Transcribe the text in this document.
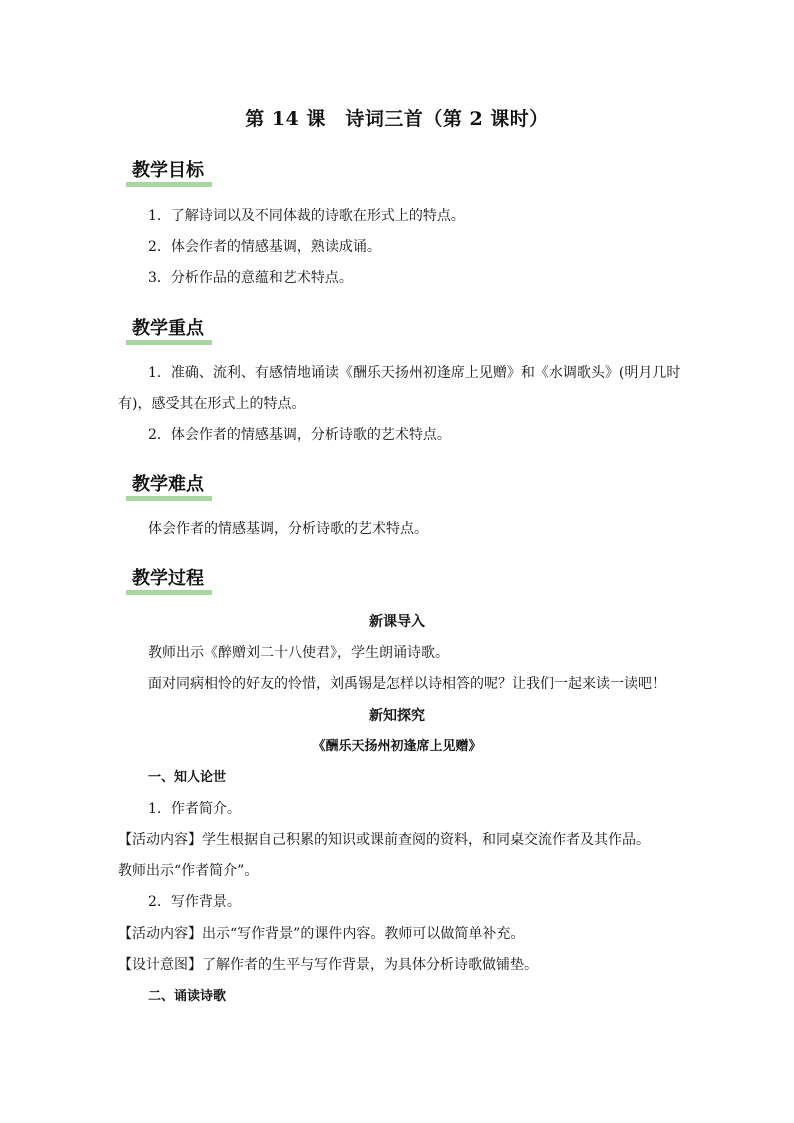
第 14 课　诗词三首（第 2 课时）
教学目标
1．了解诗词以及不同体裁的诗歌在形式上的特点。
2．体会作者的情感基调，熟读成诵。
3．分析作品的意蕴和艺术特点。
教学重点
1．准确、流利、有感情地诵读《酬乐天扬州初逢席上见赠》和《水调歌头》(明月几时
有)，感受其在形式上的特点。
2．体会作者的情感基调，分析诗歌的艺术特点。
教学难点
体会作者的情感基调，分析诗歌的艺术特点。
教学过程
新课导入
教师出示《醉赠刘二十八使君》，学生朗诵诗歌。
面对同病相怜的好友的怜惜，刘禹锡是怎样以诗相答的呢？让我们一起来读一读吧！
新知探究
《酬乐天扬州初逢席上见赠》
一、知人论世
1．作者简介。
【活动内容】学生根据自己积累的知识或课前查阅的资料，和同桌交流作者及其作品。
教师出示“作者简介”。
2．写作背景。
【活动内容】出示“写作背景”的课件内容。教师可以做简单补充。
【设计意图】了解作者的生平与写作背景，为具体分析诗歌做铺垫。
二、诵读诗歌
